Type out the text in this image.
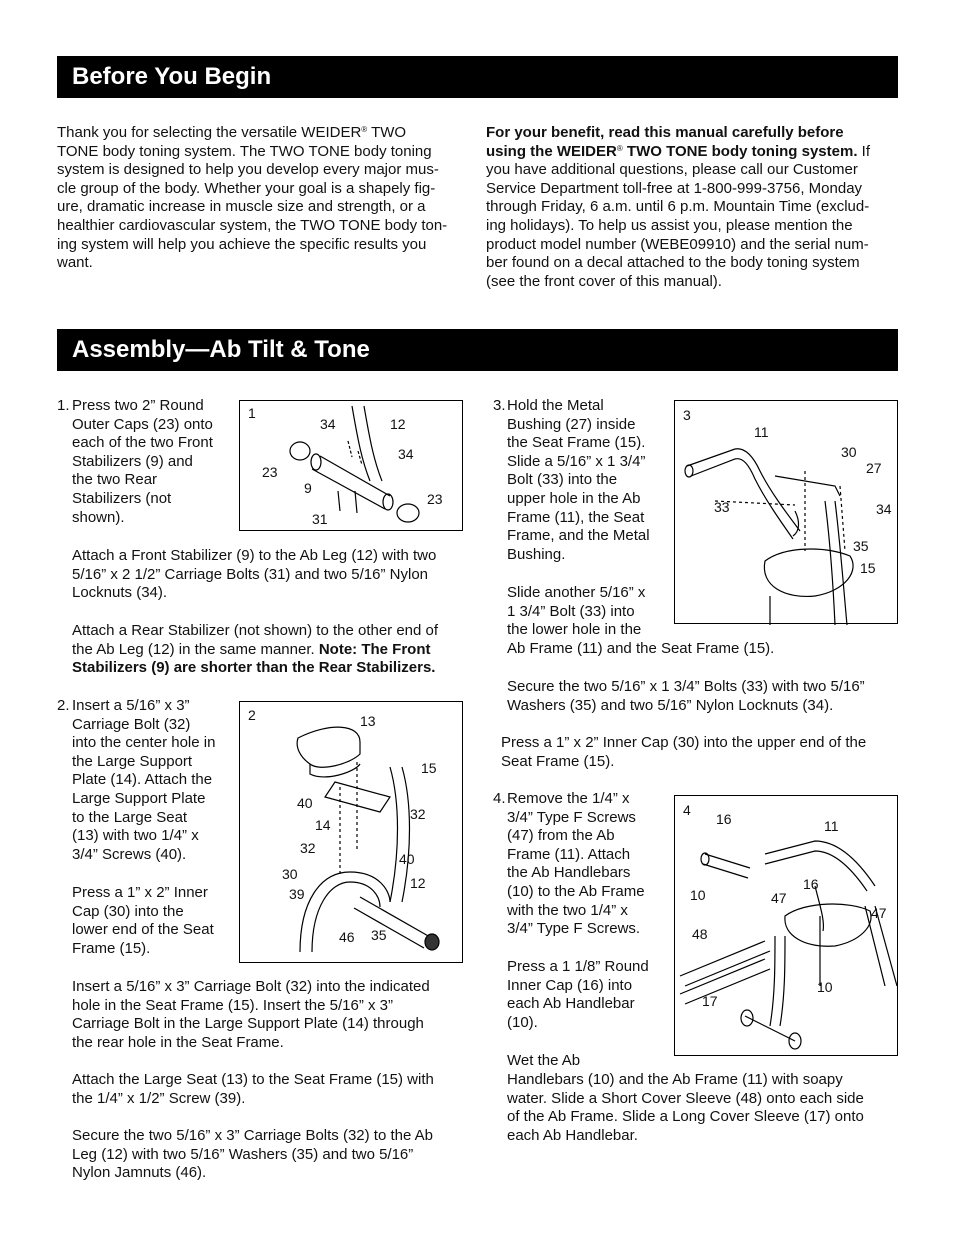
Before You Begin
Assembly—Ab Tilt & Tone
Thank you for selecting the versatile WEIDER® TWO
TONE body toning system. The TWO TONE body toning
system is designed to help you develop every major mus-
cle group of the body. Whether your goal is a shapely fig-
ure, dramatic increase in muscle size and strength, or a
healthier cardiovascular system, the TWO TONE body ton-
ing system will help you achieve the specific results you
want.
For your benefit, read this manual carefully before
using the WEIDER® TWO TONE body toning system. If
you have additional questions, please call our Customer
Service Department toll-free at 1-800-999-3756, Monday
through Friday, 6 a.m. until 6 p.m. Mountain Time (exclud-
ing holidays). To help us assist you, please mention the
product model number (WEBE09910) and the serial num-
ber found on a decal attached to the body toning system
(see the front cover of this manual).
1. Press two 2” Round
Outer Caps (23) onto
each of the two Front
Stabilizers (9) and
the two Rear
Stabilizers (not
shown).
Attach a Front Stabilizer (9) to the Ab Leg (12) with two
5/16” x 2 1/2” Carriage Bolts (31) and two 5/16” Nylon
Locknuts (34).
Attach a Rear Stabilizer (not shown) to the other end of
the Ab Leg (12) in the same manner. Note: The Front
Stabilizers (9) are shorter than the Rear Stabilizers.
1
34	12
34
23
9
23
31
2. Insert a 5/16” x 3”
Carriage Bolt (32)
into the center hole in
the Large Support
Plate (14). Attach the
Large Support Plate
to the Large Seat
(13) with two 1/4” x
3/4” Screws (40).
Press a 1” x 2” Inner
Cap (30) into the
lower end of the Seat
Frame (15).
Insert a 5/16” x 3” Carriage Bolt (32) into the indicated
hole in the Seat Frame (15). Insert the 5/16” x 3”
Carriage Bolt in the Large Support Plate (14) through
the rear hole in the Seat Frame.
Attach the Large Seat (13) to the Seat Frame (15) with
the 1/4” x 1/2” Screw (39).
Secure the two 5/16” x 3” Carriage Bolts (32) to the Ab
Leg (12) with two 5/16” Washers (35) and two 5/16”
Nylon Jamnuts (46).
2	13
15
40
32
14
32
40
30
12
39
46 35
3. Hold the Metal
Bushing (27) inside
the Seat Frame (15).
Slide a 5/16” x 1 3/4”
Bolt (33) into the
upper hole in the Ab
Frame (11), the Seat
Frame, and the Metal
Bushing.
Slide another 5/16” x
1 3/4” Bolt (33) into
the lower hole in the
Ab Frame (11) and the Seat Frame (15).
Secure the two 5/16” x 1 3/4” Bolts (33) with two 5/16”
Washers (35) and two 5/16” Nylon Locknuts (34).
Press a 1” x 2” Inner Cap (30) into the upper end of the
Seat Frame (15).
3
11
30
27
33	34
35
15
4. Remove the 1/4” x
3/4” Type F Screws
(47) from the Ab
Frame (11). Attach
the Ab Handlebars
(10) to the Ab Frame
with the two 1/4” x
3/4” Type F Screws.
Press a 1 1/8” Round
Inner Cap (16) into
each Ab Handlebar
(10).
Wet the Ab
Handlebars (10) and the Ab Frame (11) with soapy
water. Slide a Short Cover Sleeve (48) onto each side
of the Ab Frame. Slide a Long Cover Sleeve (17) onto
each Ab Handlebar.
4
16	11
16
10	47
47
48
17
10
